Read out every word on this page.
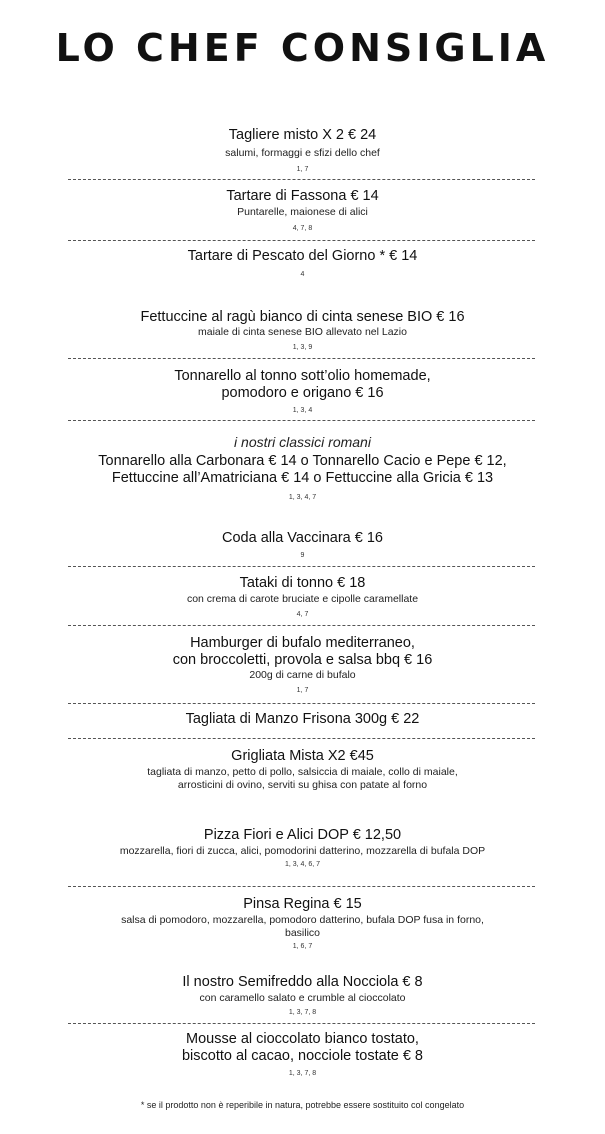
LO CHEF CONSIGLIA
Tagliere misto X 2 € 24
salumi, formaggi e sfizi dello chef
1, 7
Tartare di Fassona € 14
Puntarelle, maionese di alici
4, 7, 8
Tartare di Pescato del Giorno * € 14
4
Fettuccine al ragù bianco di cinta senese BIO € 16
maiale di cinta senese BIO allevato nel Lazio
1, 3, 9
Tonnarello al tonno sott’olio homemade,
pomodoro e origano € 16
1, 3, 4
i nostri classici romani
Tonnarello alla Carbonara € 14 o Tonnarello Cacio e Pepe € 12,
Fettuccine all’Amatriciana € 14 o Fettuccine alla Gricia € 13
1, 3, 4, 7
Coda alla Vaccinara € 16
9
Tataki di tonno € 18
con crema di carote bruciate e cipolle caramellate
4, 7
Hamburger di bufalo mediterraneo,
con broccoletti, provola e salsa bbq € 16
200g di carne di bufalo
1, 7
Tagliata di Manzo Frisona 300g € 22
Grigliata Mista X2 €45
tagliata di manzo, petto di pollo, salsiccia di maiale, collo di maiale,
arrosticini di ovino, serviti su ghisa con patate al forno
Pizza Fiori e Alici DOP € 12,50
mozzarella, fiori di zucca, alici, pomodorini datterino, mozzarella di bufala DOP
1, 3, 4, 6, 7
Pinsa Regina € 15
salsa di pomodoro, mozzarella, pomodoro datterino, bufala DOP fusa in forno,
basilico
1, 6, 7
Il nostro Semifreddo alla Nocciola € 8
con caramello salato e crumble al cioccolato
1, 3, 7, 8
Mousse al cioccolato bianco tostato,
biscotto al cacao, nocciole tostate € 8
1, 3, 7, 8
* se il prodotto non è reperibile in natura, potrebbe essere sostituito col congelato
